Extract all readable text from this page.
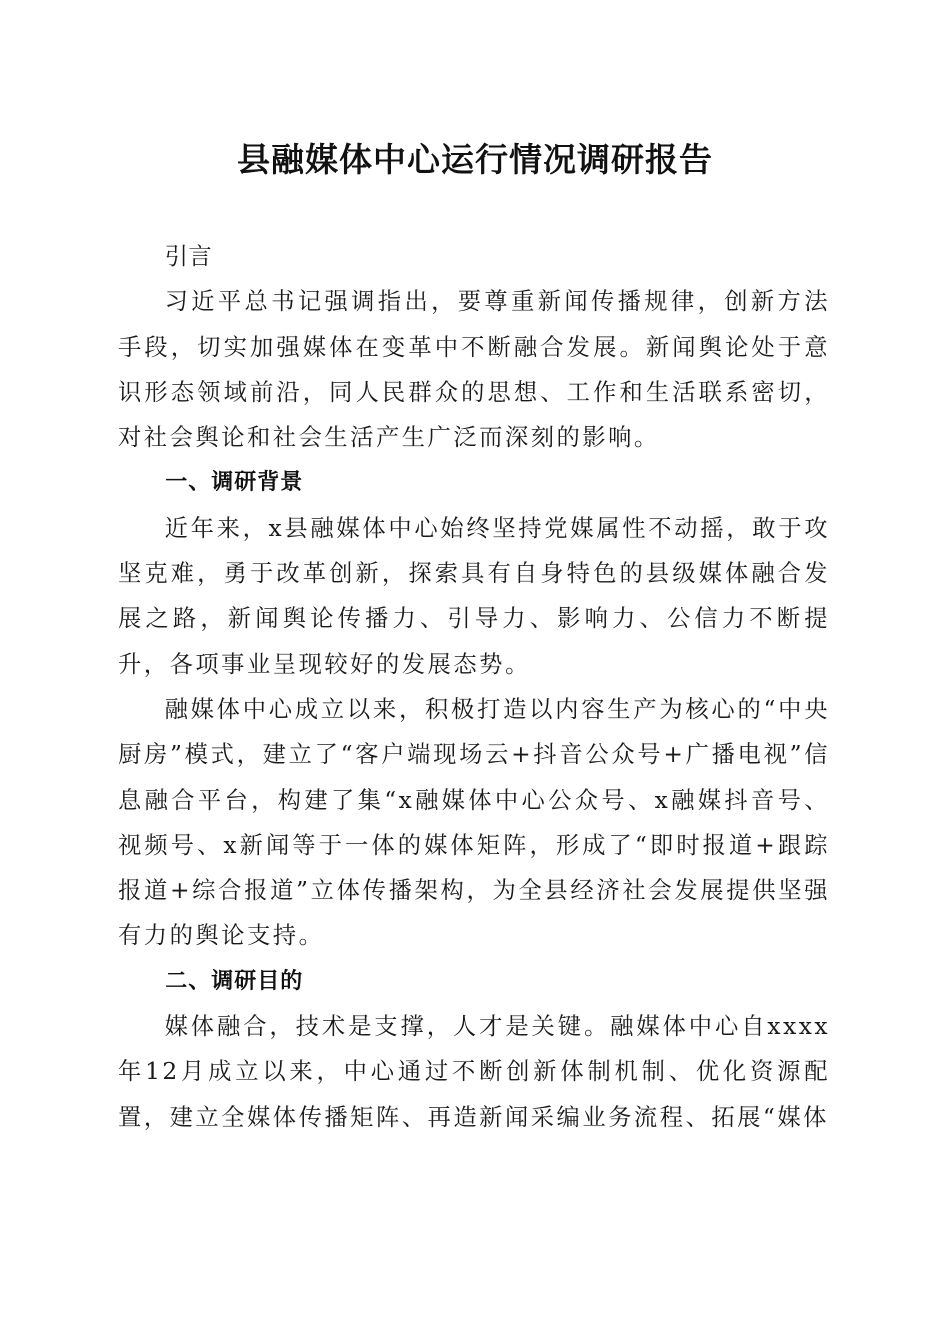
县融媒体中心运行情况调研报告

引言

习近平总书记强调指出，要尊重新闻传播规律，创新方法手段，切实加强媒体在变革中不断融合发展。新闻舆论处于意识形态领域前沿，同人民群众的思想、工作和生活联系密切，对社会舆论和社会生活产生广泛而深刻的影响。

一、调研背景

近年来，x县融媒体中心始终坚持党媒属性不动摇，敢于攻坚克难，勇于改革创新，探索具有自身特色的县级媒体融合发展之路，新闻舆论传播力、引导力、影响力、公信力不断提升，各项事业呈现较好的发展态势。

融媒体中心成立以来，积极打造以内容生产为核心的“中央厨房”模式，建立了“客户端现场云+抖音公众号+广播电视”信息融合平台，构建了集“x融媒体中心公众号、x融媒抖音号、视频号、x新闻等于一体的媒体矩阵，形成了“即时报道+跟踪报道+综合报道”立体传播架构，为全县经济社会发展提供坚强有力的舆论支持。

二、调研目的

媒体融合，技术是支撑，人才是关键。融媒体中心自xxxx年12月成立以来，中心通过不断创新体制机制、优化资源配置，建立全媒体传播矩阵、再造新闻采编业务流程、拓展“媒体
